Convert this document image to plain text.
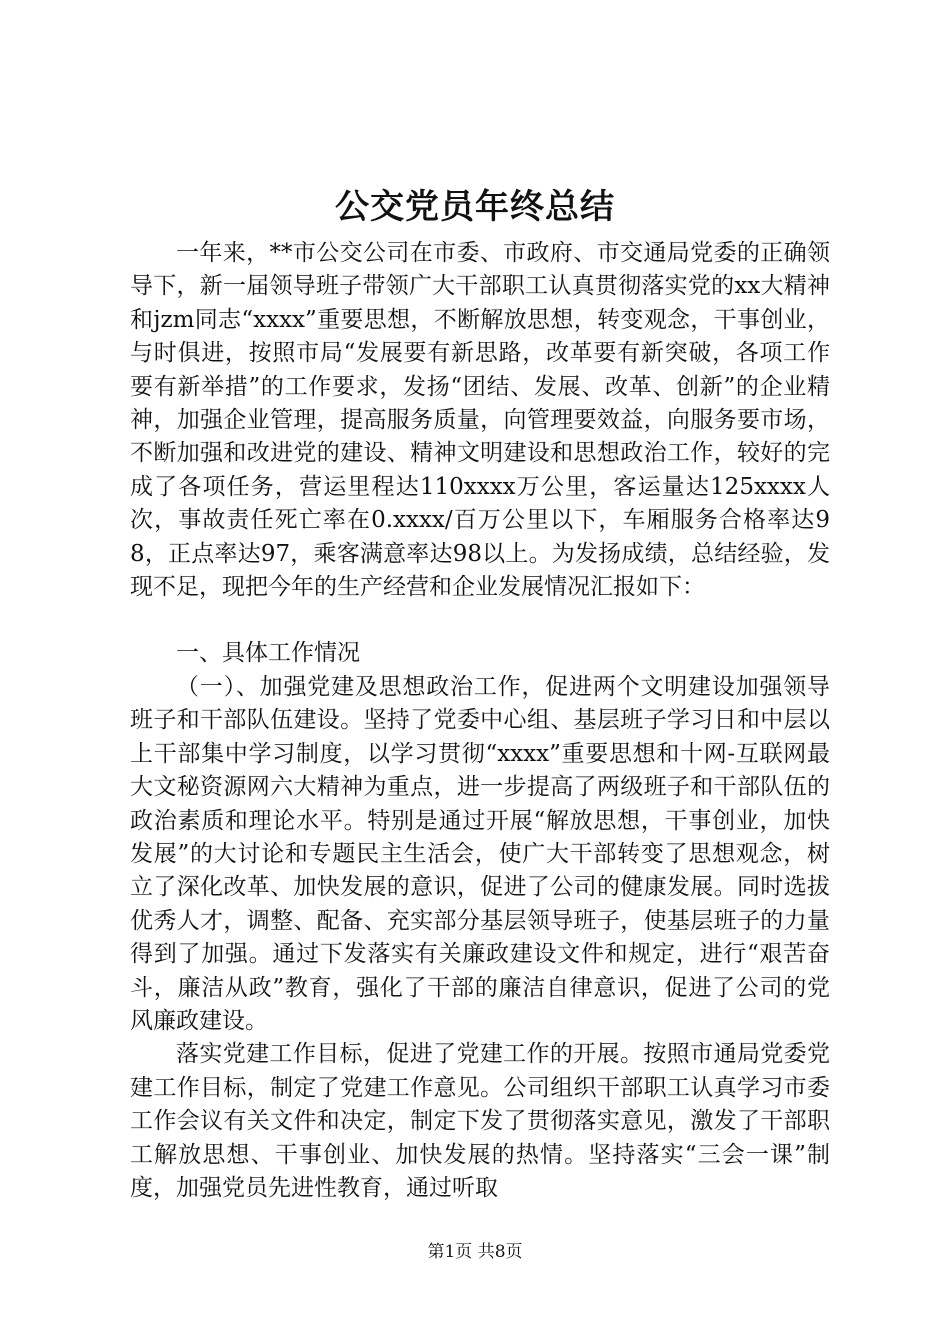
公交党员年终总结

一年来，**市公交公司在市委、市政府、市交通局党委的正确领导下，新一届领导班子带领广大干部职工认真贯彻落实党的xx大精神和jzm同志“xxxx”重要思想，不断解放思想，转变观念，干事创业，与时俱进，按照市局“发展要有新思路，改革要有新突破，各项工作要有新举措”的工作要求，发扬“团结、发展、改革、创新”的企业精神，加强企业管理，提高服务质量，向管理要效益，向服务要市场，不断加强和改进党的建设、精神文明建设和思想政治工作，较好的完成了各项任务，营运里程达110xxxx万公里，客运量达125xxxx人次，事故责任死亡率在0.xxxx/百万公里以下，车厢服务合格率达98，正点率达97，乘客满意率达98以上。为发扬成绩，总结经验，发现不足，现把今年的生产经营和企业发展情况汇报如下：

一、具体工作情况

（一）、加强党建及思想政治工作，促进两个文明建设加强领导班子和干部队伍建设。坚持了党委中心组、基层班子学习日和中层以上干部集中学习制度，以学习贯彻“xxxx”重要思想和十网-互联网最大文秘资源网六大精神为重点，进一步提高了两级班子和干部队伍的政治素质和理论水平。特别是通过开展“解放思想，干事创业，加快发展”的大讨论和专题民主生活会，使广大干部转变了思想观念，树立了深化改革、加快发展的意识，促进了公司的健康发展。同时选拔优秀人才，调整、配备、充实部分基层领导班子，使基层班子的力量得到了加强。通过下发落实有关廉政建设文件和规定，进行“艰苦奋斗，廉洁从政”教育，强化了干部的廉洁自律意识，促进了公司的党风廉政建设。

落实党建工作目标，促进了党建工作的开展。按照市通局党委党建工作目标，制定了党建工作意见。公司组织干部职工认真学习市委工作会议有关文件和决定，制定下发了贯彻落实意见，激发了干部职工解放思想、干事创业、加快发展的热情。坚持落实“三会一课”制度，加强党员先进性教育，通过听取

第1页 共8页
